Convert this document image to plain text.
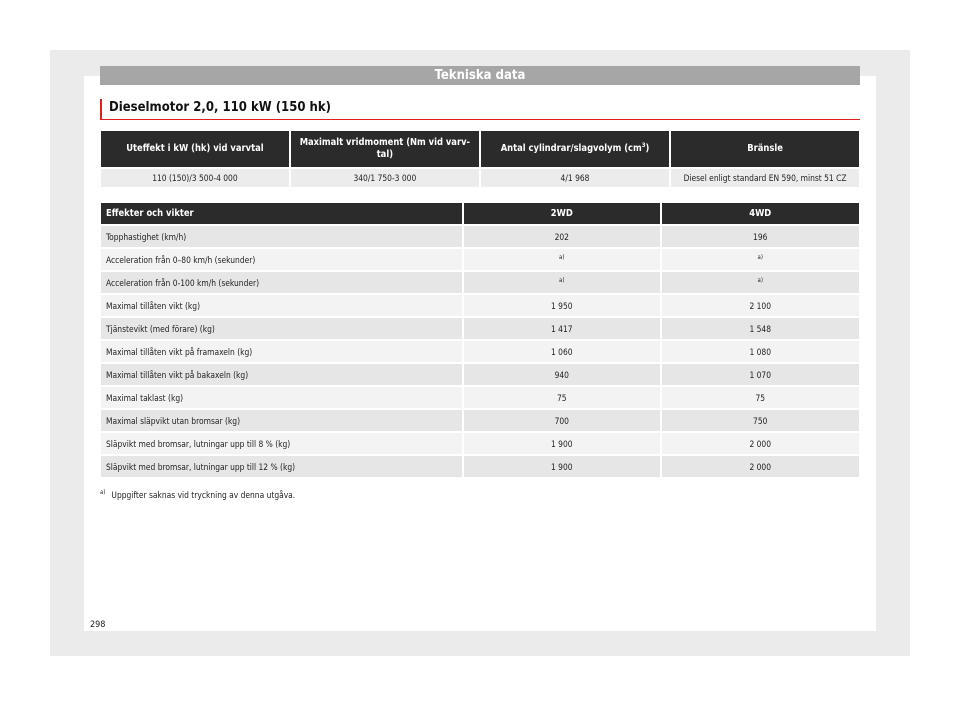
Tekniska data
Dieselmotor 2,0, 110 kW (150 hk)
Uteffekt i kW (hk) vid varvtal	Maximalt vridmoment (Nm vid varv-tal)	Antal cylindrar/slagvolym $(cm^3)$	Bränsle
110 (150)/3 500-4 000	340/1 750-3 000	4/1 968	Diesel enligt standard EN 590, minst 51 CZ
Effekter och vikter	2WD	4WD
Topphastighet (km/h)	202	196
Acceleration från 0–80 km/h (sekunder)	$^{a)}$	$^{a)}$
Acceleration från 0-100 km/h (sekunder)	$^{a)}$	$^{a)}$
Maximal tillåten vikt (kg)	1 950	2 100
Tjänstevikt (med förare) (kg)	1 417	1 548
Maximal tillåten vikt på framaxeln (kg)	1 060	1 080
Maximal tillåten vikt på bakaxeln (kg)	940	1 070
Maximal taklast (kg)	75	75
Maximal släpvikt utan bromsar (kg)	700	750
Släpvikt med bromsar, lutningar upp till 8 % (kg)	1 900	2 000
Släpvikt med bromsar, lutningar upp till 12 % (kg)	1 900	2 000
$^{a)}$ Uppgifter saknas vid tryckning av denna utgåva.
298
